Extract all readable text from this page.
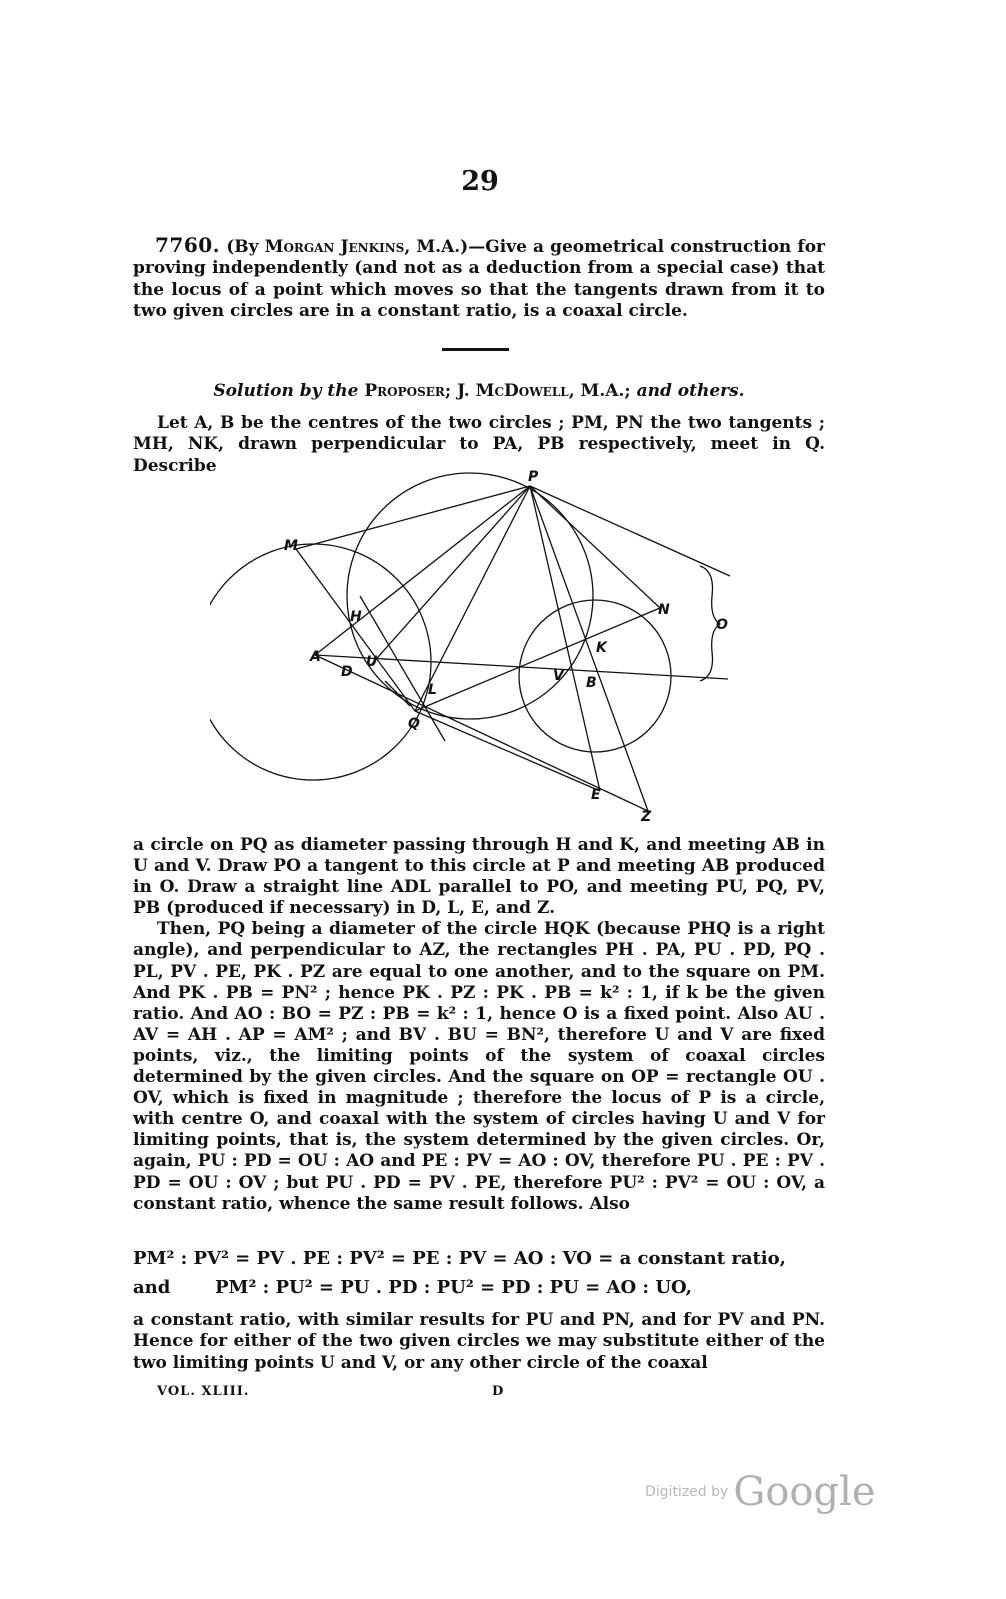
29

7760. (By Morgan Jenkins, M.A.)—Give a geometrical construction for proving independently (and not as a deduction from a special case) that the locus of a point which moves so that the tangents drawn from it to two given circles are in a constant ratio, is a coaxal circle.

Solution by the Proposer; J. McDowell, M.A.; and others.

Let A, B be the centres of the two circles ; PM, PN the two tangents ; MH, NK, drawn perpendicular to PA, PB respectively, meet in Q. Describe

P
M
H
A
D
U
L
Q
N
K
V B
O
E
Z

a circle on PQ as diameter passing through H and K, and meeting AB in U and V. Draw PO a tangent to this circle at P and meeting AB produced in O. Draw a straight line ADL parallel to PO, and meeting PU, PQ, PV, PB (produced if necessary) in D, L, E, and Z.

Then, PQ being a diameter of the circle HQK (because PHQ is a right angle), and perpendicular to AZ, the rectangles PH . PA, PU . PD, PQ . PL, PV . PE, PK . PZ are equal to one another, and to the square on PM. And PK . PB = PN² ; hence PK . PZ : PK . PB = k² : 1, if k be the given ratio. And AO : BO = PZ : PB = k² : 1, hence O is a fixed point. Also AU . AV = AH . AP = AM² ; and BV . BU = BN², therefore U and V are fixed points, viz., the limiting points of the system of coaxal circles determined by the given circles. And the square on OP = rectangle OU . OV, which is fixed in magnitude ; therefore the locus of P is a circle, with centre O, and coaxal with the system of circles having U and V for limiting points, that is, the system determined by the given circles. Or, again, PU : PD = OU : AO and PE : PV = AO : OV, therefore PU . PE : PV . PD = OU : OV ; but PU . PD = PV . PE, therefore PU² : PV² = OU : OV, a constant ratio, whence the same result follows. Also

PM² : PV² = PV . PE : PV² = PE : PV = AO : VO = a constant ratio,
and PM² : PU² = PU . PD : PU² = PD : PU = AO : UO,

a constant ratio, with similar results for PU and PN, and for PV and PN. Hence for either of the two given circles we may substitute either of the two limiting points U and V, or any other circle of the coaxal

VOL. XLIII.	D
Digitized by Google
